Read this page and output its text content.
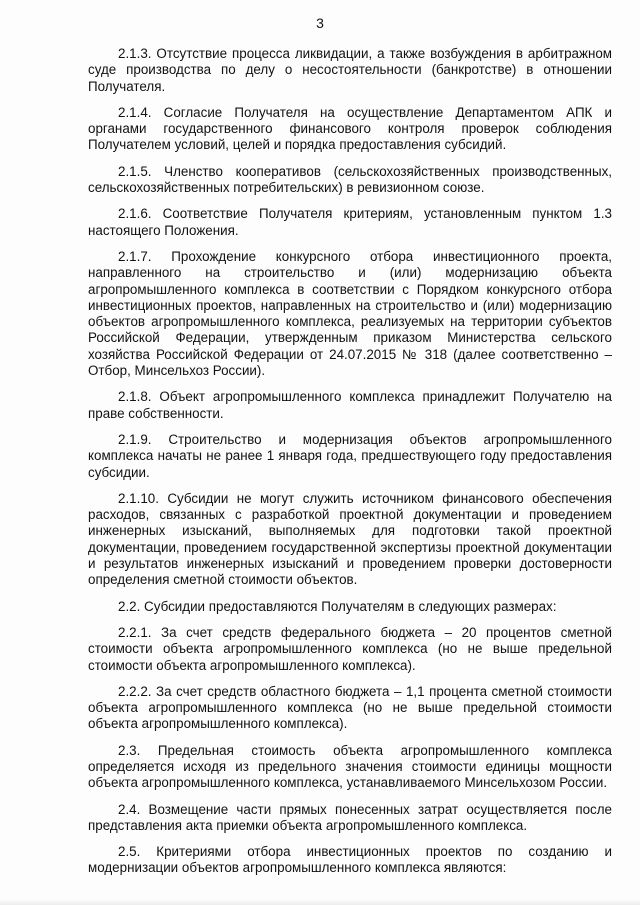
3

2.1.3. Отсутствие процесса ликвидации, а также возбуждения в арбитражном суде производства по делу о несостоятельности (банкротстве) в отношении Получателя.

2.1.4. Согласие Получателя на осуществление Департаментом АПК и органами государственного финансового контроля проверок соблюдения Получателем условий, целей и порядка предоставления субсидий.

2.1.5. Членство кооперативов (сельскохозяйственных производственных, сельскохозяйственных потребительских) в ревизионном союзе.

2.1.6. Соответствие Получателя критериям, установленным пунктом 1.3 настоящего Положения.

2.1.7. Прохождение конкурсного отбора инвестиционного проекта, направленного на строительство и (или) модернизацию объекта агропромышленного комплекса в соответствии с Порядком конкурсного отбора инвестиционных проектов, направленных на строительство и (или) модернизацию объектов агропромышленного комплекса, реализуемых на территории субъектов Российской Федерации, утвержденным приказом Министерства сельского хозяйства Российской Федерации от 24.07.2015 № 318 (далее соответственно – Отбор, Минсельхоз России).

2.1.8. Объект агропромышленного комплекса принадлежит Получателю на праве собственности.

2.1.9. Строительство и модернизация объектов агропромышленного комплекса начаты не ранее 1 января года, предшествующего году предоставления субсидии.

2.1.10. Субсидии не могут служить источником финансового обеспечения расходов, связанных с разработкой проектной документации и проведением инженерных изысканий, выполняемых для подготовки такой проектной документации, проведением государственной экспертизы проектной документации и результатов инженерных изысканий и проведением проверки достоверности определения сметной стоимости объектов.

2.2. Субсидии предоставляются Получателям в следующих размерах:

2.2.1. За счет средств федерального бюджета – 20 процентов сметной стоимости объекта агропромышленного комплекса (но не выше предельной стоимости объекта агропромышленного комплекса).

2.2.2. За счет средств областного бюджета – 1,1 процента сметной стоимости объекта агропромышленного комплекса (но не выше предельной стоимости объекта агропромышленного комплекса).

2.3. Предельная стоимость объекта агропромышленного комплекса определяется исходя из предельного значения стоимости единицы мощности объекта агропромышленного комплекса, устанавливаемого Минсельхозом России.

2.4. Возмещение части прямых понесенных затрат осуществляется после представления акта приемки объекта агропромышленного комплекса.

2.5. Критериями отбора инвестиционных проектов по созданию и модернизации объектов агропромышленного комплекса являются:
